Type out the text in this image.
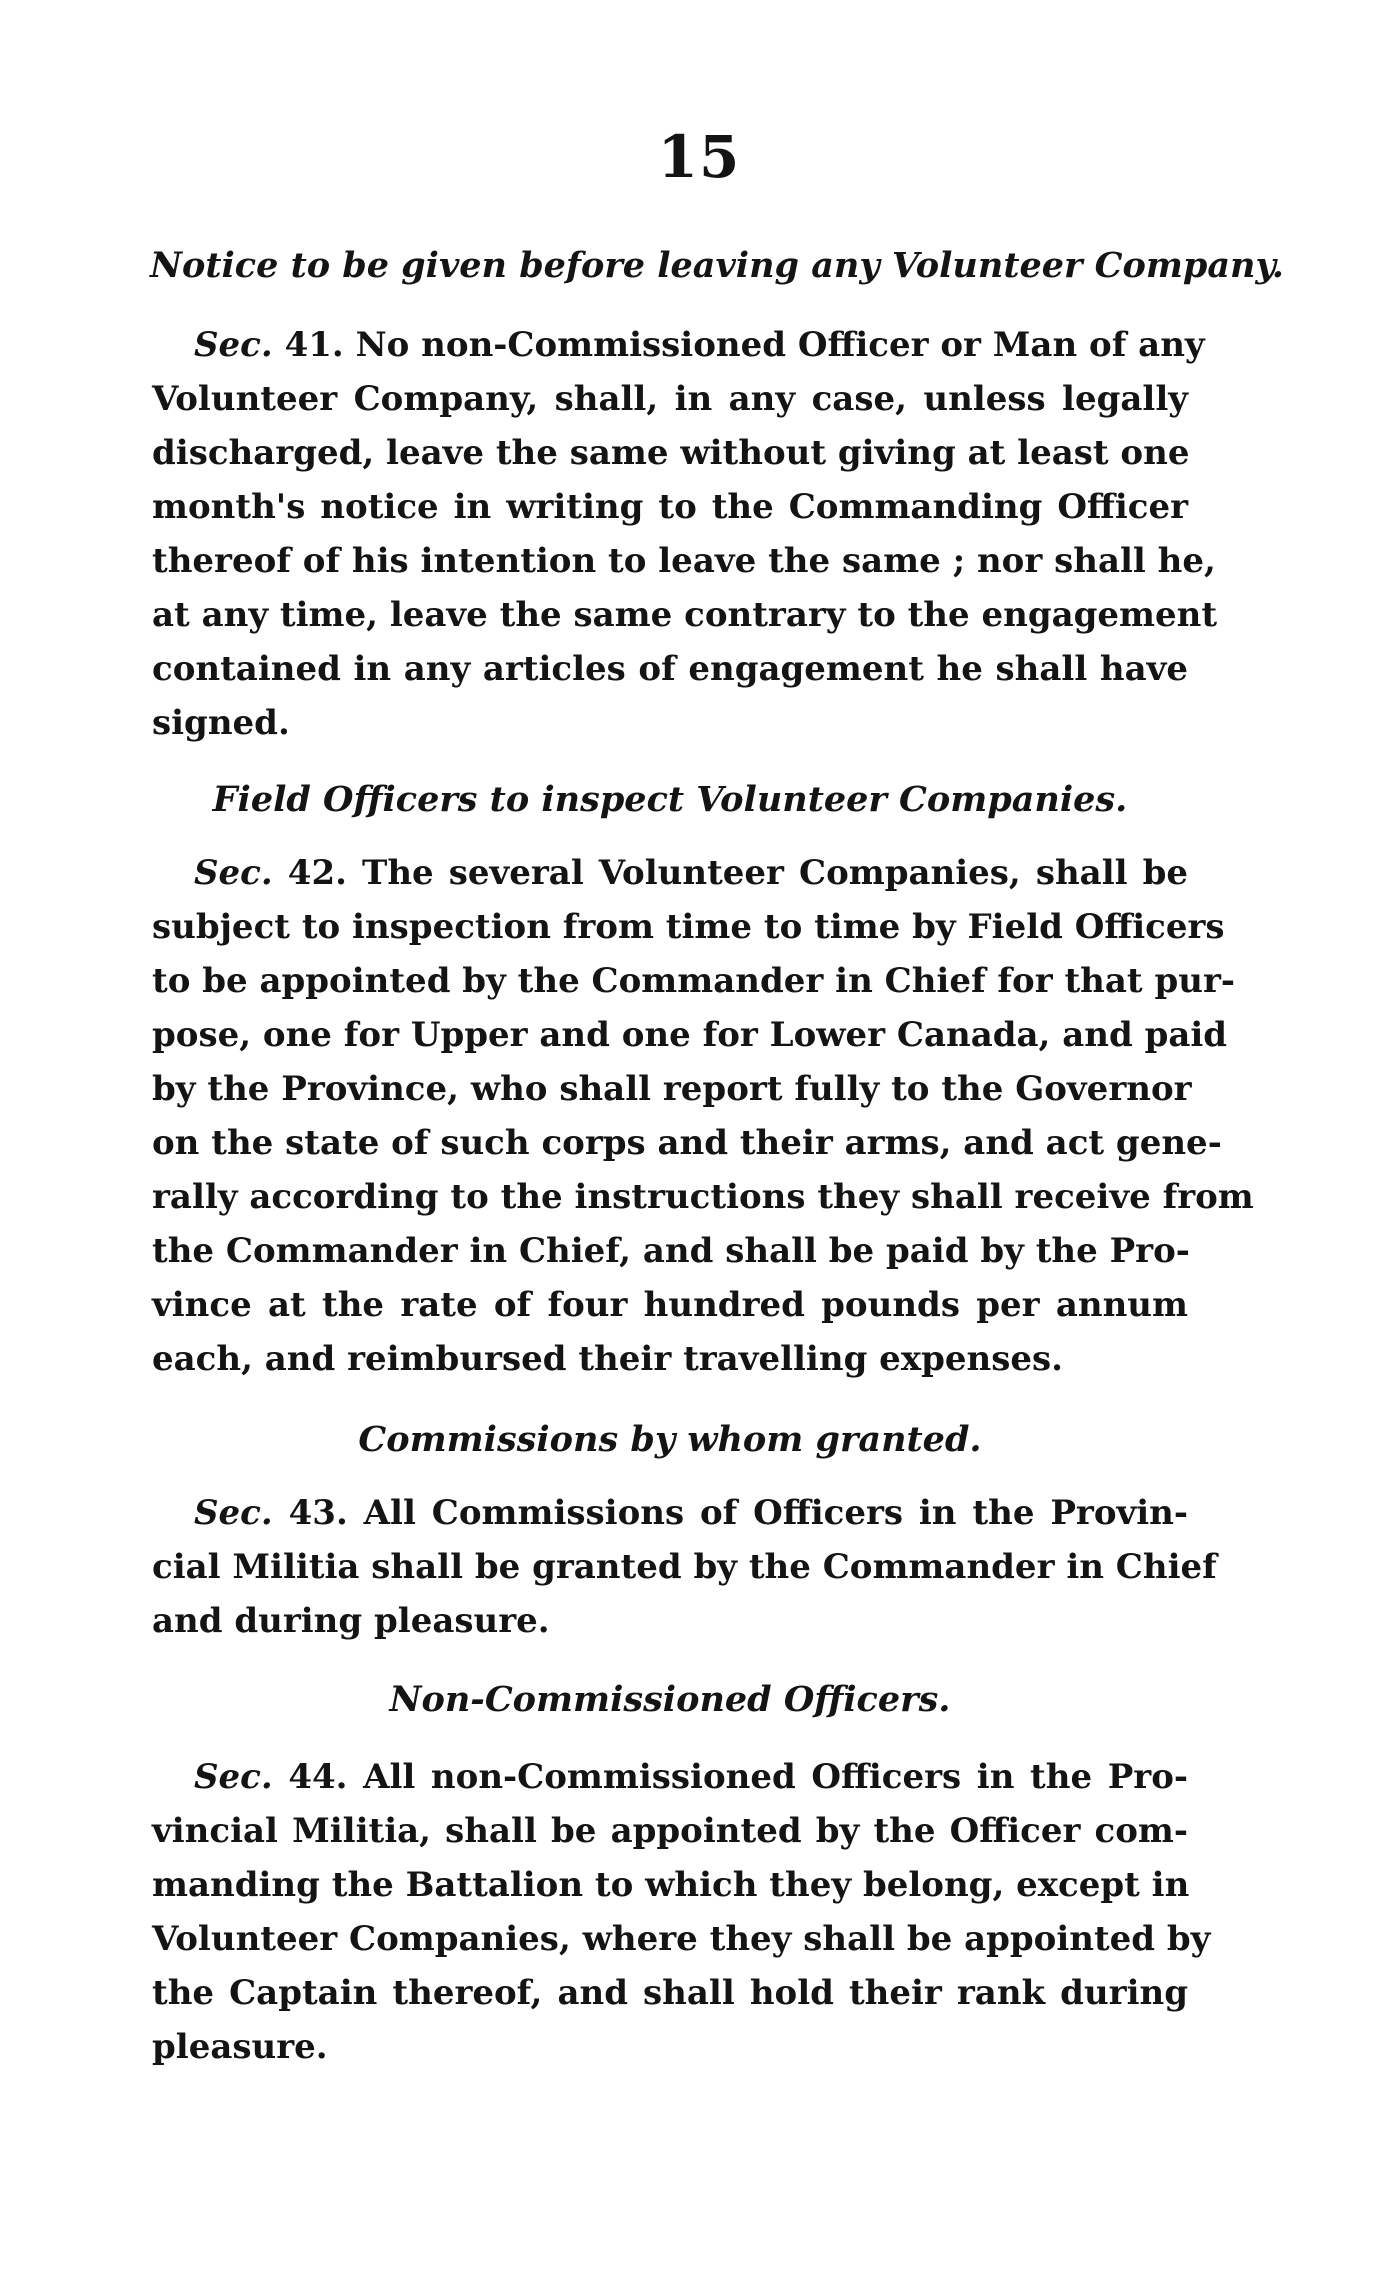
15
Notice to be given before leaving any Volunteer Company.
Sec. 41. No non-Commissioned Officer or Man of any
Volunteer Company, shall, in any case, unless legally
discharged, leave the same without giving at least one
month's notice in writing to the Commanding Officer
thereof of his intention to leave the same ; nor shall he,
at any time, leave the same contrary to the engagement
contained in any articles of engagement he shall have
signed.
Field Officers to inspect Volunteer Companies.
Sec. 42. The several Volunteer Companies, shall be
subject to inspection from time to time by Field Officers
to be appointed by the Commander in Chief for that pur-
pose, one for Upper and one for Lower Canada, and paid
by the Province, who shall report fully to the Governor
on the state of such corps and their arms, and act gene-
rally according to the instructions they shall receive from
the Commander in Chief, and shall be paid by the Pro-
vince at the rate of four hundred pounds per annum
each, and reimbursed their travelling expenses.
Commissions by whom granted.
Sec. 43. All Commissions of Officers in the Provin-
cial Militia shall be granted by the Commander in Chief
and during pleasure.
Non-Commissioned Officers.
Sec. 44. All non-Commissioned Officers in the Pro-
vincial Militia, shall be appointed by the Officer com-
manding the Battalion to which they belong, except in
Volunteer Companies, where they shall be appointed by
the Captain thereof, and shall hold their rank during
pleasure.
